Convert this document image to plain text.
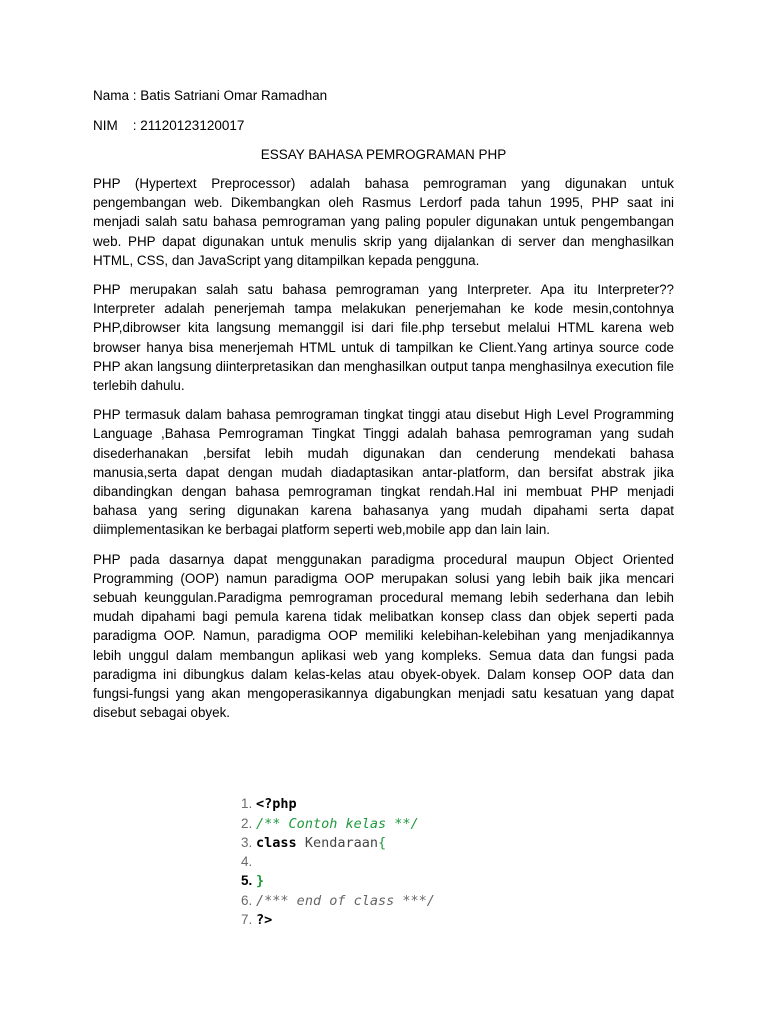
Nama : Batis Satriani Omar Ramadhan
NIM    : 21120123120017
ESSAY BAHASA PEMROGRAMAN PHP

PHP (Hypertext Preprocessor) adalah bahasa pemrograman yang digunakan untuk pengembangan web. Dikembangkan oleh Rasmus Lerdorf pada tahun 1995, PHP saat ini menjadi salah satu bahasa pemrograman yang paling populer digunakan untuk pengembangan web. PHP dapat digunakan untuk menulis skrip yang dijalankan di server dan menghasilkan HTML, CSS, dan JavaScript yang ditampilkan kepada pengguna.

PHP merupakan salah satu bahasa pemrograman yang Interpreter. Apa itu Interpreter?? Interpreter adalah penerjemah tampa melakukan penerjemahan ke kode mesin,contohnya PHP,dibrowser kita langsung memanggil isi dari file.php tersebut melalui HTML karena web browser hanya bisa menerjemah HTML untuk di tampilkan ke Client.Yang artinya source code PHP akan langsung diinterpretasikan dan menghasilkan output tanpa menghasilnya execution file terlebih dahulu.

PHP termasuk dalam bahasa pemrograman tingkat tinggi atau disebut High Level Programming Language ,Bahasa Pemrograman Tingkat Tinggi adalah bahasa pemrograman yang sudah disederhanakan ,bersifat lebih mudah digunakan dan cenderung mendekati bahasa manusia,serta dapat dengan mudah diadaptasikan antar-platform, dan bersifat abstrak jika dibandingkan dengan bahasa pemrograman tingkat rendah.Hal ini membuat PHP menjadi bahasa yang sering digunakan karena bahasanya yang mudah dipahami serta dapat diimplementasikan ke berbagai platform seperti web,mobile app dan lain lain.

PHP pada dasarnya dapat menggunakan paradigma procedural maupun Object Oriented Programming (OOP) namun paradigma OOP merupakan solusi yang lebih baik jika mencari sebuah keunggulan.Paradigma pemrograman procedural memang lebih sederhana dan lebih mudah dipahami bagi pemula karena tidak melibatkan konsep class dan objek seperti pada paradigma OOP. Namun, paradigma OOP memiliki kelebihan-kelebihan yang menjadikannya lebih unggul dalam membangun aplikasi web yang kompleks. Semua data dan fungsi pada paradigma ini dibungkus dalam kelas-kelas atau obyek-obyek. Dalam konsep OOP data dan fungsi-fungsi yang akan mengoperasikannya digabungkan menjadi satu kesatuan yang dapat disebut sebagai obyek.

1. <?php

2. /** Contoh kelas **/

3. class Kendaraan{

4.

5. }

6. /*** end of class ***/

7. ?>
